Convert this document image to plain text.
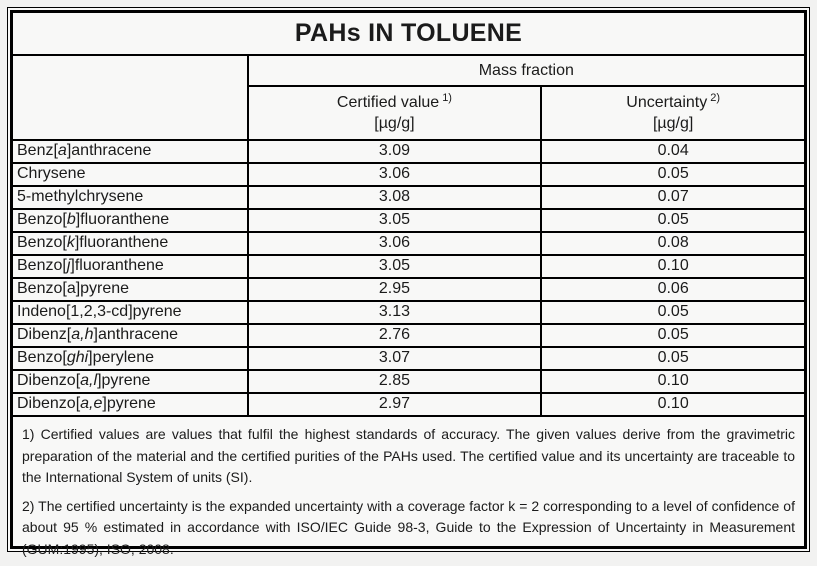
PAHs IN TOLUENE		
	Mass fraction	

Certified value $^{1)}$
[µg/g]

Uncertainty $^{2)}$
[µg/g]

Benz[a]anthracene	3.09	0.04
Chrysene	3.06	0.05
5-methylchrysene	3.08	0.07
Benzo[b]fluoranthene	3.05	0.05
Benzo[k]fluoranthene	3.06	0.08
Benzo[j]fluoranthene	3.05	0.10
Benzo[a]pyrene	2.95	0.06
Indeno[1,2,3-cd]pyrene	3.13	0.05
Dibenz[a,h]anthracene	2.76	0.05
Benzo[ghi]perylene	3.07	0.05
Dibenzo[a,l]pyrene	2.85	0.10
Dibenzo[a,e]pyrene	2.97	0.10

1) Certified values are values that fulfil the highest standards of accuracy. The given values derive from the gravimetric preparation of the material and the certified purities of the PAHs used. The certified value and its uncertainty are traceable to the International System of units (SI).

2) The certified uncertainty is the expanded uncertainty with a coverage factor k = 2 corresponding to a level of confidence of about 95 % estimated in accordance with ISO/IEC Guide 98-3, Guide to the Expression of Uncertainty in Measurement (GUM:1995), ISO, 2008.		
